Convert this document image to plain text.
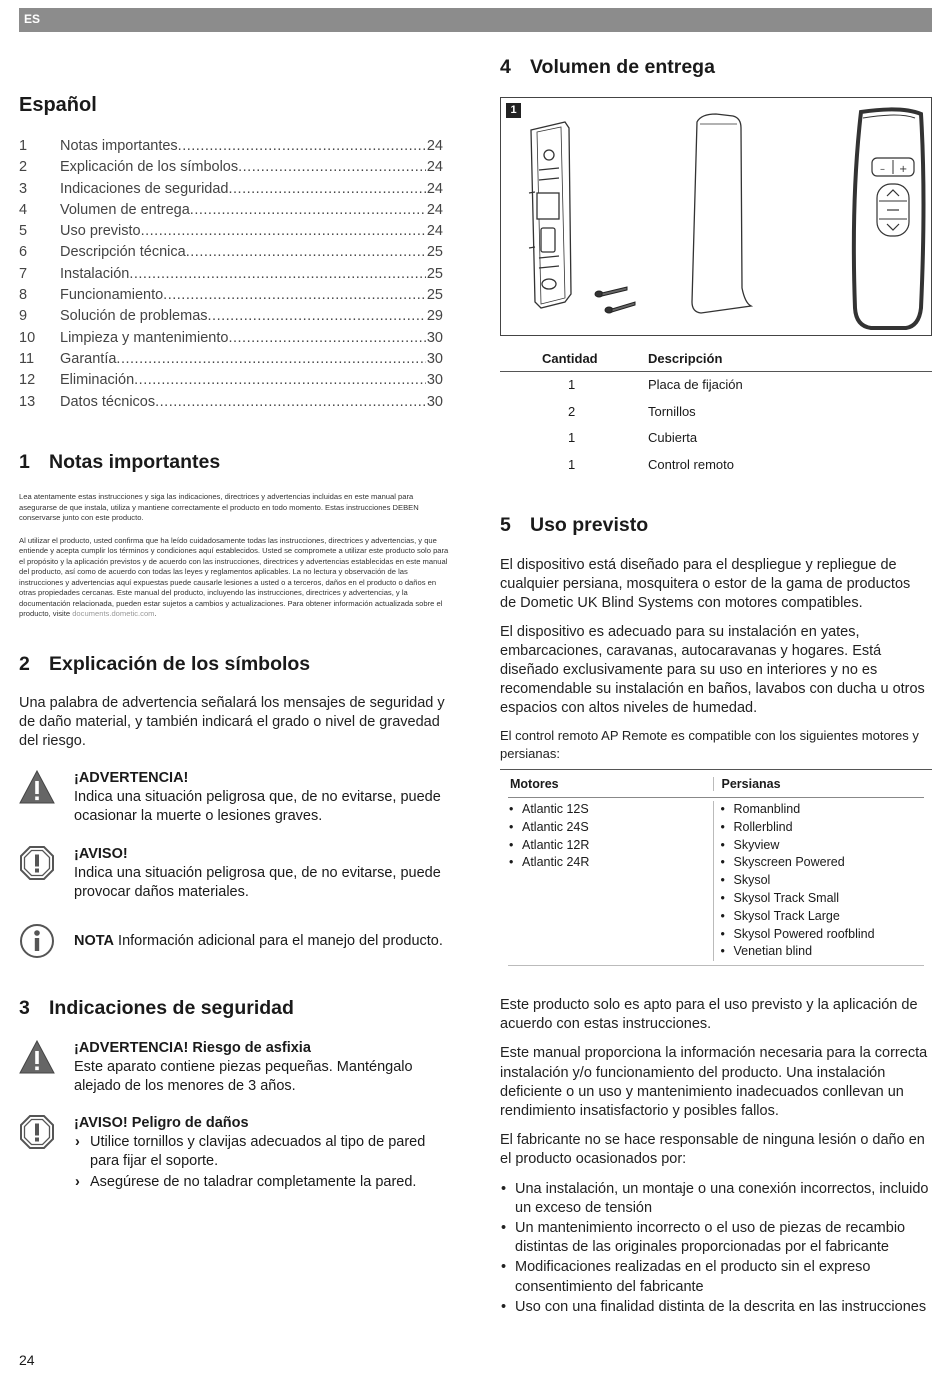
ES
Español
1	Notas importantes .....	24
2	Explicación de los símbolos .....	24
3	Indicaciones de seguridad .....	24
4	Volumen de entrega .....	24
5	Uso previsto .....	24
6	Descripción técnica .....	25
7	Instalación .....	25
8	Funcionamiento .....	25
9	Solución de problemas .....	29
10	Limpieza y mantenimiento .....	30
11	Garantía .....	30
12	Eliminación .....	30
13	Datos técnicos .....	30
1 Notas importantes

Lea atentamente estas instrucciones y siga las indicaciones, directrices y advertencias incluidas en este manual para asegurarse de que instala, utiliza y mantiene correctamente el producto en todo momento. Estas instrucciones DEBEN conservarse junto con este producto.

Al utilizar el producto, usted confirma que ha leído cuidadosamente todas las instrucciones, directrices y advertencias, y que entiende y acepta cumplir los términos y condiciones aquí establecidos. Usted se compromete a utilizar este producto solo para el propósito y la aplicación previstos y de acuerdo con las instrucciones, directrices y advertencias establecidas en este manual del producto, así como de acuerdo con todas las leyes y reglamentos aplicables. La no lectura y observación de las instrucciones y advertencias aquí expuestas puede causarle lesiones a usted o a terceros, daños en el producto o daños en otras propiedades cercanas. Este manual del producto, incluyendo las instrucciones, directrices y advertencias, y la documentación relacionada, pueden estar sujetos a cambios y actualizaciones. Para obtener información actualizada sobre el producto, visite documents.dometic.com.

2 Explicación de los símbolos

Una palabra de advertencia señalará los mensajes de seguridad y de daño material, y también indicará el grado o nivel de gravedad del riesgo.

¡ADVERTENCIA!
Indica una situación peligrosa que, de no evitarse, puede ocasionar la muerte o lesiones graves.
¡AVISO!
Indica una situación peligrosa que, de no evitarse, puede provocar daños materiales.
NOTA Información adicional para el manejo del producto.
3 Indicaciones de seguridad
¡ADVERTENCIA! Riesgo de asfixia
Este aparato contiene piezas pequeñas. Manténgalo alejado de los menores de 3 años.
¡AVISO! Peligro de daños
› Utilice tornillos y clavijas adecuados al tipo de pared para fijar el soporte.
› Asegúrese de no taladrar completamente la pared.
4 Volumen de entrega
1
– +
Cantidad	Descripción
1	Placa de fijación
2	Tornillos
1	Cubierta
1	Control remoto
5 Uso previsto

El dispositivo está diseñado para el despliegue y repliegue de cualquier persiana, mosquitera o estor de la gama de productos de Dometic UK Blind Systems con motores compatibles.

El dispositivo es adecuado para su instalación en yates, embarcaciones, caravanas, autocaravanas y hogares. Está diseñado exclusivamente para su uso en interiores y no es recomendable su instalación en baños, lavabos con ducha u otros espacios con altos niveles de humedad.

El control remoto AP Remote es compatible con los siguientes motores y persianas:

Motores	Persianas
• Atlantic 12S
• Atlantic 24S
• Atlantic 12R
• Atlantic 24R
• Romanblind
• Rollerblind
• Skyview
• Skyscreen Powered
• Skysol
• Skysol Track Small
• Skysol Track Large
• Skysol Powered roofblind
• Venetian blind

Este producto solo es apto para el uso previsto y la aplicación de acuerdo con estas instrucciones.

Este manual proporciona la información necesaria para la correcta instalación y/o funcionamiento del producto. Una instalación deficiente o un uso y mantenimiento inadecuados conllevan un rendimiento insatisfactorio y posibles fallos.

El fabricante no se hace responsable de ninguna lesión o daño en el producto ocasionados por:

• Una instalación, un montaje o una conexión incorrectos, incluido un exceso de tensión
• Un mantenimiento incorrecto o el uso de piezas de recambio distintas de las originales proporcionadas por el fabricante
• Modificaciones realizadas en el producto sin el expreso consentimiento del fabricante
• Uso con una finalidad distinta de la descrita en las instrucciones
24
